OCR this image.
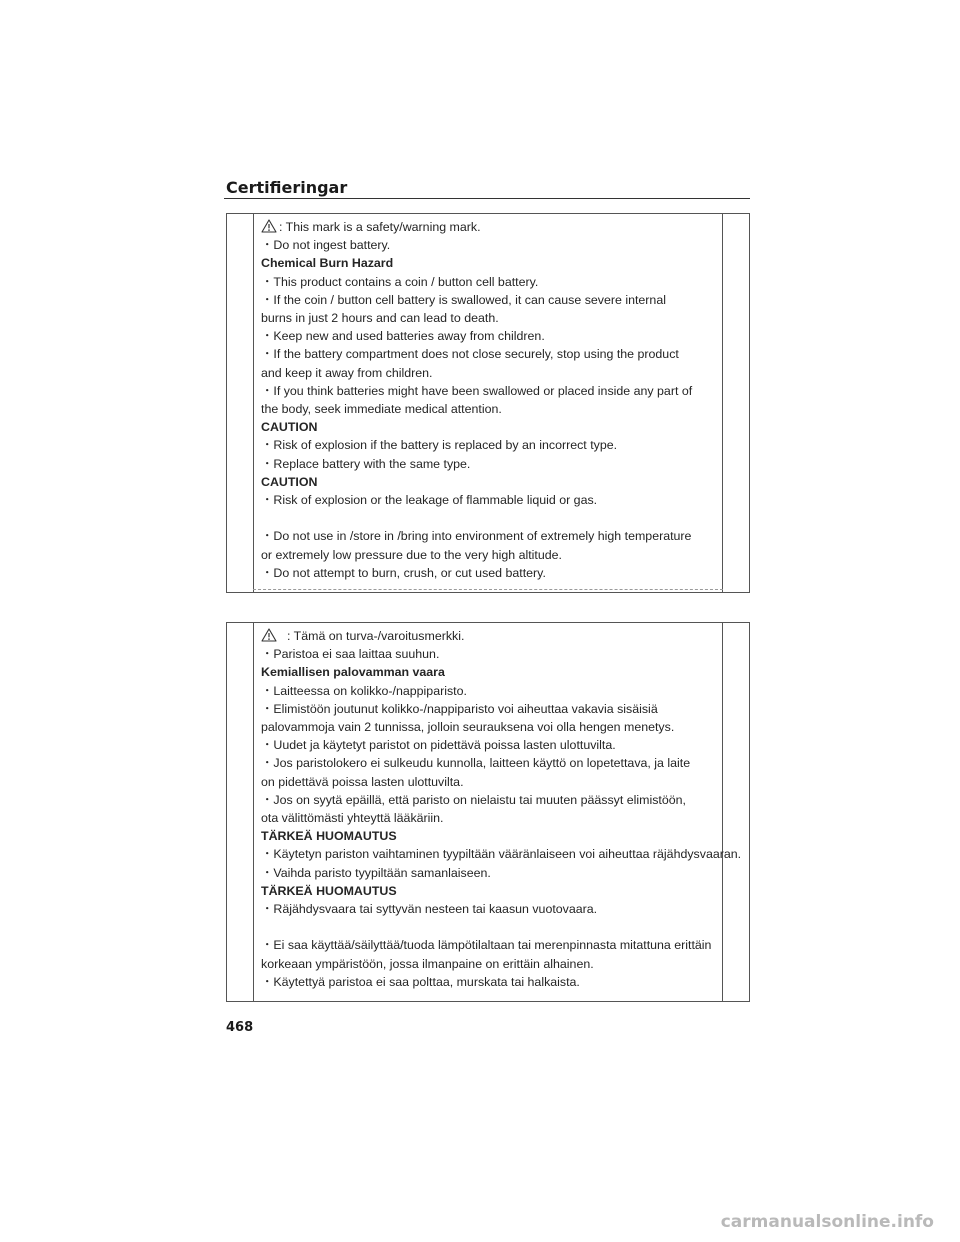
Certifieringar

: This mark is a safety/warning mark.

・Do not ingest battery.

Chemical Burn Hazard

・This product contains a coin / button cell battery.

・If the coin / button cell battery is swallowed, it can cause severe internal

burns in just 2 hours and can lead to death.

・Keep new and used batteries away from children.

・If the battery compartment does not close securely, stop using the product

and keep it away from children.

・If you think batteries might have been swallowed or placed inside any part of

the body, seek immediate medical attention.

CAUTION

・Risk of explosion if the battery is replaced by an incorrect type.

・Replace battery with the same type.

CAUTION

・Risk of explosion or the leakage of flammable liquid or gas.

・Do not use in /store in /bring into environment of extremely high temperature

or extremely low pressure due to the very high altitude.

・Do not attempt to burn, crush, or cut used battery.

: Tämä on turva-/varoitusmerkki.

・Paristoa ei saa laittaa suuhun.

Kemiallisen palovamman vaara

・Laitteessa on kolikko-/nappiparisto.

・Elimistöön joutunut kolikko-/nappiparisto voi aiheuttaa vakavia sisäisiä

palovammoja vain 2 tunnissa, jolloin seurauksena voi olla hengen menetys.

・Uudet ja käytetyt paristot on pidettävä poissa lasten ulottuvilta.

・Jos paristolokero ei sulkeudu kunnolla, laitteen käyttö on lopetettava, ja laite

on pidettävä poissa lasten ulottuvilta.

・Jos on syytä epäillä, että paristo on nielaistu tai muuten päässyt elimistöön,

ota välittömästi yhteyttä lääkäriin.

TÄRKEÄ HUOMAUTUS

・Käytetyn pariston vaihtaminen tyypiltään vääränlaiseen voi aiheuttaa räjähdysvaaran.

・Vaihda paristo tyypiltään samanlaiseen.

TÄRKEÄ HUOMAUTUS

・Räjähdysvaara tai syttyvän nesteen tai kaasun vuotovaara.

・Ei saa käyttää/säilyttää/tuoda lämpötilaltaan tai merenpinnasta mitattuna erittäin

korkeaan ympäristöön, jossa ilmanpaine on erittäin alhainen.

・Käytettyä paristoa ei saa polttaa, murskata tai halkaista.

468

carmanualsonline.info
